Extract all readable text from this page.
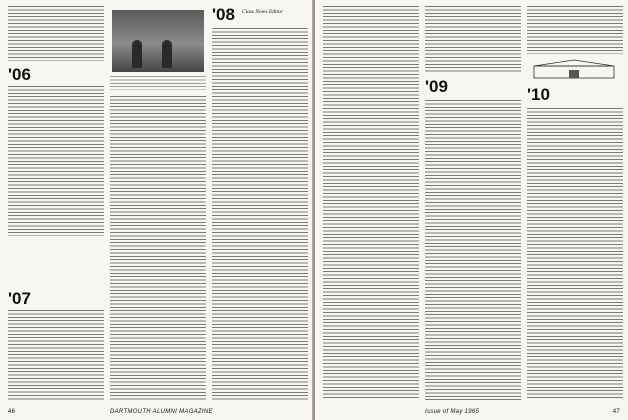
'06
'07
'08 Class Notes Editor
46	DARTMOUTH ALUMNI MAGAZINE
'09	'10
Issue of May 1965	47
